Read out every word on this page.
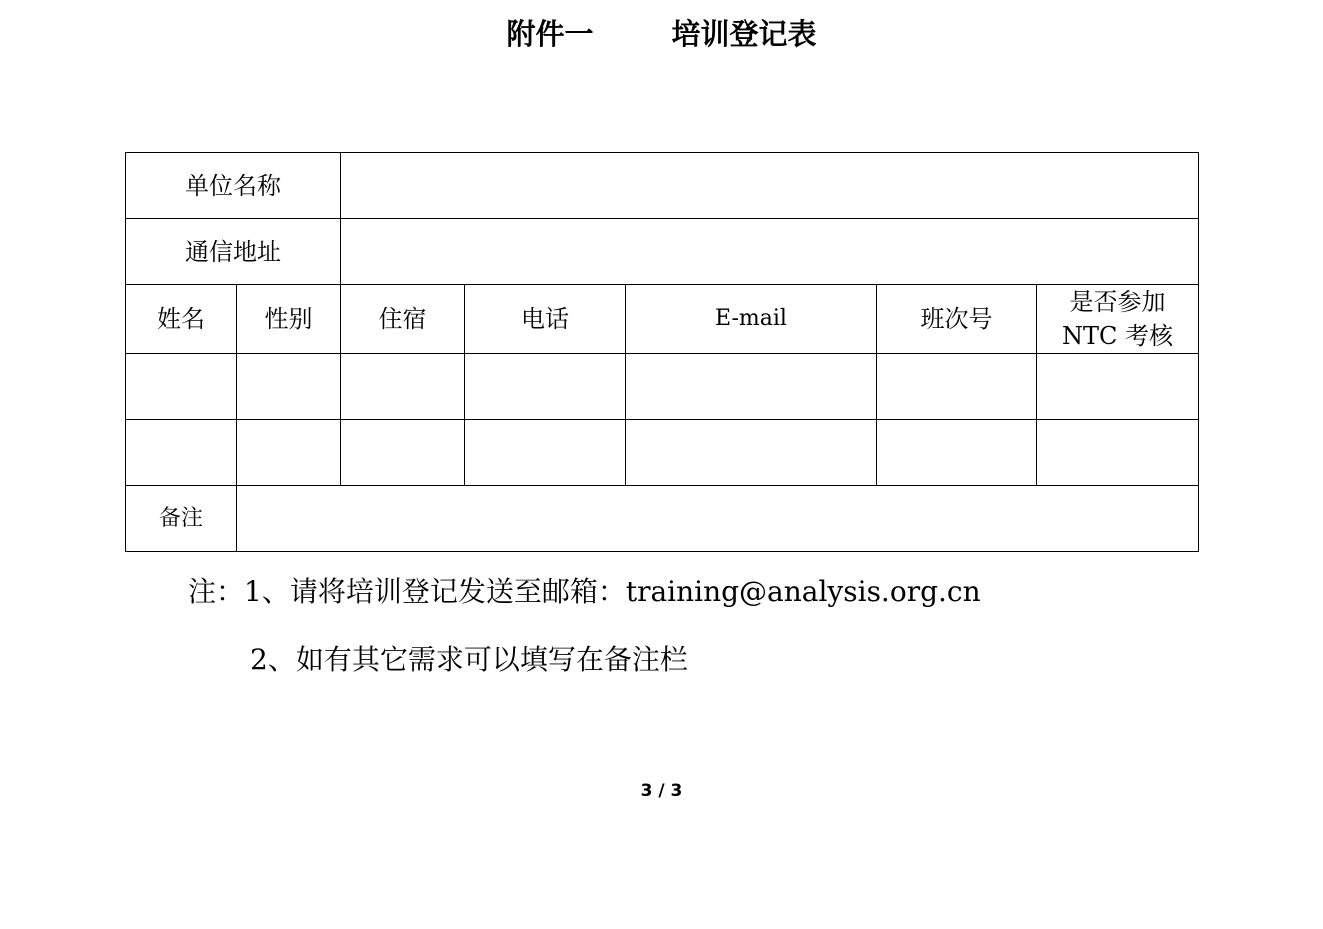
附件一	培训登记表
单位名称						
通信地址						
姓名	性别	住宿	电话	E-mail	班次号	是否参加
NTC 考核

备注						
注：1、请将培训登记发送至邮箱：training@analysis.org.cn
2、如有其它需求可以填写在备注栏
3 / 3
